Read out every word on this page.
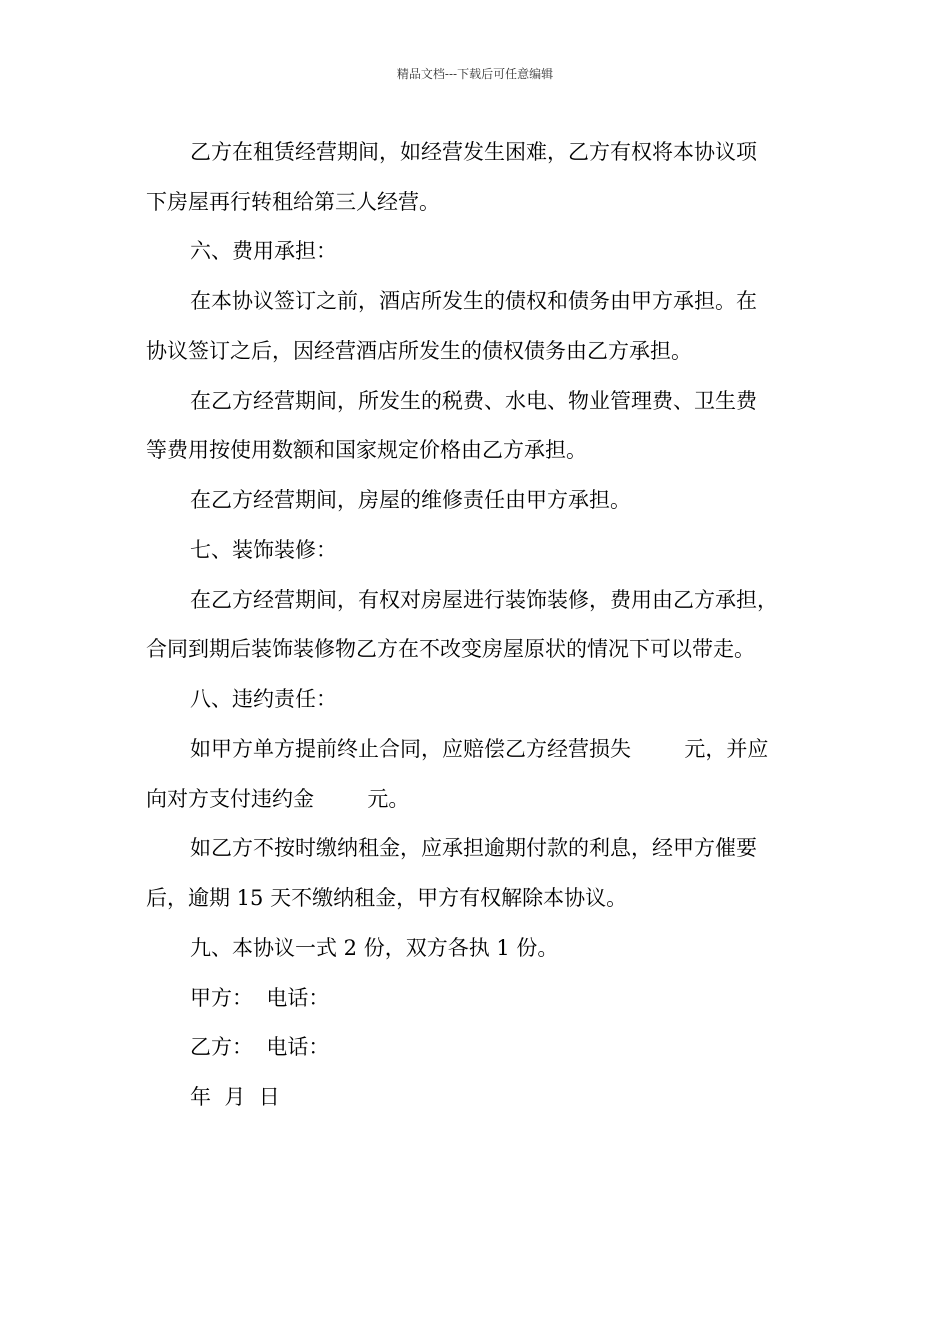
精品文档---下载后可任意编辑
乙方在租赁经营期间，如经营发生困难，乙方有权将本协议项
下房屋再行转租给第三人经营。
六、费用承担：
在本协议签订之前，酒店所发生的债权和债务由甲方承担。在
协议签订之后，因经营酒店所发生的债权债务由乙方承担。
在乙方经营期间，所发生的税费、水电、物业管理费、卫生费
等费用按使用数额和国家规定价格由乙方承担。
在乙方经营期间，房屋的维修责任由甲方承担。
七、装饰装修：
在乙方经营期间，有权对房屋进行装饰装修，费用由乙方承担，
合同到期后装饰装修物乙方在不改变房屋原状的情况下可以带走。
八、违约责任：
如甲方单方提前终止合同，应赔偿乙方经营损失        元，并应
向对方支付违约金        元。
如乙方不按时缴纳租金，应承担逾期付款的利息，经甲方催要
后，逾期 15 天不缴纳租金，甲方有权解除本协议。
九、本协议一式 2 份，双方各执 1 份。
甲方：  电话：
乙方：  电话：
年  月  日
